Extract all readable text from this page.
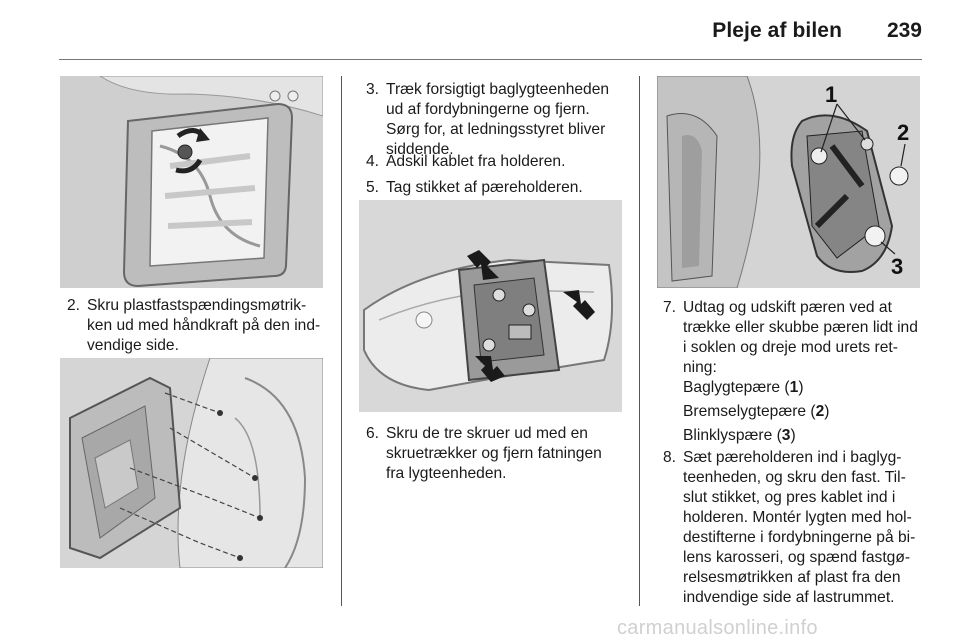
Pleje af bilen 239
2. Skru plastfastspændingsmøtrik-

ken ud med håndkraft på den ind-

vendige side.

3. Træk forsigtigt baglygteenheden

ud af fordybningerne og fjern.

Sørg for, at ledningsstyret bliver

siddende.

4. Adskil kablet fra holderen.

5. Tag stikket af pæreholderen.

6. Skru de tre skruer ud med en

skruetrækker og fjern fatningen

fra lygteenheden.

1
2
3
7. Udtag og udskift pæren ved at

trække eller skubbe pæren lidt ind

i soklen og dreje mod urets ret-

ning:

Baglygtepære (1)
Bremselygtepære (2)
Blinklyspære (3)
8. Sæt pæreholderen ind i baglyg-

teenheden, og skru den fast. Til-

slut stikket, og pres kablet ind i

holderen. Montér lygten med hol-

destifterne i fordybningerne på bi-

lens karosseri, og spænd fastgø-

relsesmøtrikken af plast fra den

indvendige side af lastrummet.

carmanualsonline.info
